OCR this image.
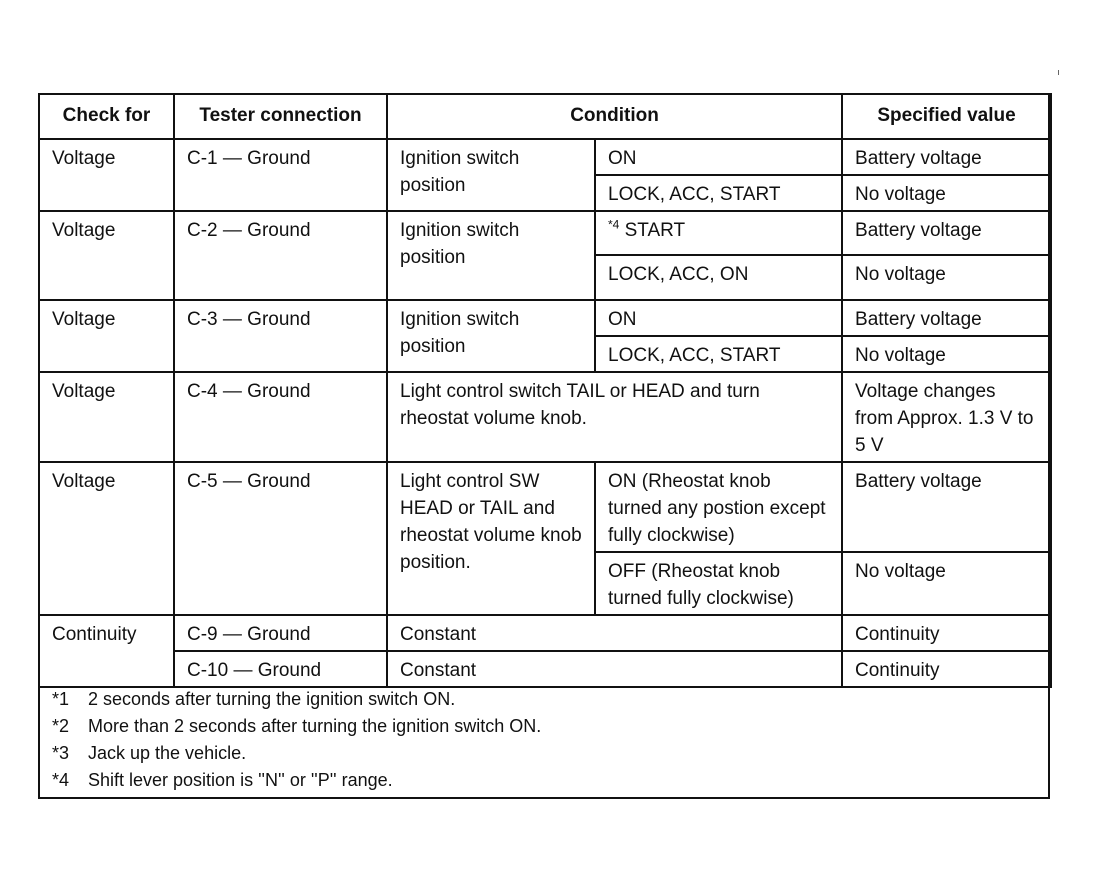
Check for	Tester connection	Condition		Specified value
Voltage	C-1 — Ground	Ignition switch position	ON	Battery voltage
			LOCK, ACC, START	No voltage
Voltage	C-2 — Ground	Ignition switch position	$^{*4}$ START	Battery voltage
			LOCK, ACC, ON	No voltage
Voltage	C-3 — Ground	Ignition switch position	ON	Battery voltage
			LOCK, ACC, START	No voltage
Voltage	C-4 — Ground	Light control switch TAIL or HEAD and turn rheostat volume knob.		Voltage changes from Approx. 1.3 V to 5 V
Voltage	C-5 — Ground	Light control SW HEAD or TAIL and rheostat volume knob position.	ON (Rheostat knob turned any postion except fully clockwise)	Battery voltage
			OFF (Rheostat knob turned fully clockwise)	No voltage
Continuity	C-9 — Ground	Constant		Continuity
	C-10 — Ground	Constant		Continuity
*1 2 seconds after turning the ignition switch ON.
*2 More than 2 seconds after turning the ignition switch ON.
*3 Jack up the vehicle.
*4 Shift lever position is ''N'' or ''P'' range.
